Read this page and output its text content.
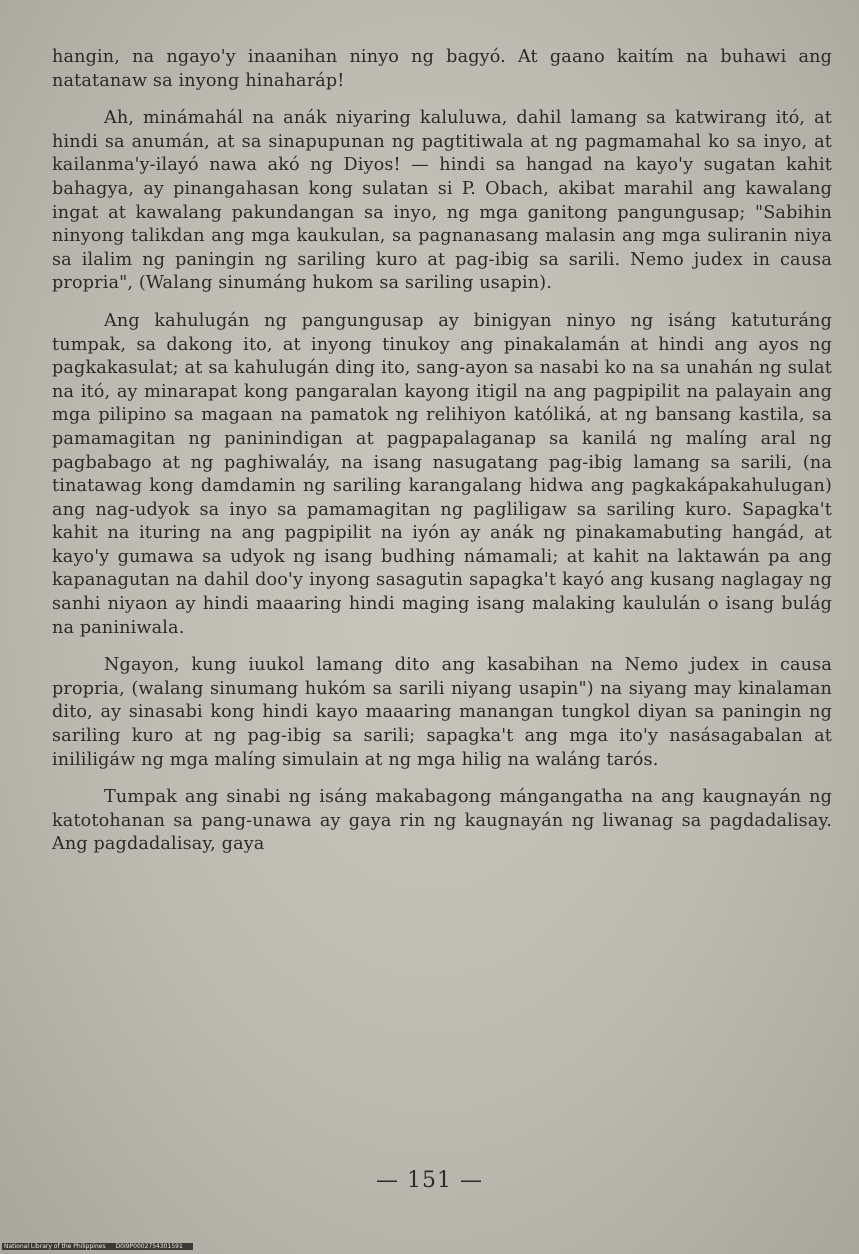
hangin, na ngayo'y inaanihan ninyo ng bagyó. At gaano kaitím na buhawi ang natatanaw sa inyong hinaharáp!

Ah, minámahál na anák niyaring kaluluwa, dahil lamang sa katwirang itó, at hindi sa anumán, at sa sinapupunan ng pagtitiwala at ng pagmamahal ko sa inyo, at kailanma'y-ilayó nawa akó ng Diyos! — hindi sa hangad na kayo'y sugatan kahit bahagya, ay pinangahasan kong sulatan si P. Obach, akibat marahil ang kawalang ingat at kawalang pakundangan sa inyo, ng mga ganitong pangungusap; "Sabihin ninyong talikdan ang mga kaukulan, sa pagnanasang malasin ang mga suliranin niya sa ilalim ng paningin ng sariling kuro at pag-ibig sa sarili. Nemo judex in causa propria", (Walang sinumáng hukom sa sariling usapin).

Ang kahulugán ng pangungusap ay binigyan ninyo ng isáng katuturáng tumpak, sa dakong ito, at inyong tinukoy ang pinakalamán at hindi ang ayos ng pagkakasulat; at sa kahulugán ding ito, sang-ayon sa nasabi ko na sa unahán ng sulat na itó, ay minarapat kong pangaralan kayong itigil na ang pagpipilit na palayain ang mga pilipino sa magaan na pamatok ng relihiyon katóliká, at ng bansang kastila, sa pamamagitan ng paninindigan at pagpapalaganap sa kanilá ng malíng aral ng pagbabago at ng paghiwaláy, na isang nasugatang pag-ibig lamang sa sarili, (na tinatawag kong damdamin ng sariling karangalang hidwa ang pagkakápakahulugan) ang nag-udyok sa inyo sa pamamagitan ng pagliligaw sa sariling kuro. Sapagka't kahit na ituring na ang pagpipilit na iyón ay anák ng pinakamabuting hangád, at kayo'y gumawa sa udyok ng isang budhing námamali; at kahit na laktawán pa ang kapanagutan na dahil doo'y inyong sasagutin sapagka't kayó ang kusang naglagay ng sanhi niyaon ay hindi maaaring hindi maging isang malaking kaululán o isang bulág na paniniwala.

Ngayon, kung iuukol lamang dito ang kasabihan na Nemo judex in causa propria, (walang sinumang hukóm sa sarili niyang usapin") na siyang may kinalaman dito, ay sinasabi kong hindi kayo maaaring manangan tungkol diyan sa paningin ng sariling kuro at ng pag-ibig sa sarili; sapagka't ang mga ito'y nasásagabalan at inililigáw ng mga malíng simulain at ng mga hilig na waláng tarós.

Tumpak ang sinabi ng isáng makabagong mángangatha na ang kaugnayán ng katotohanan sa pang-unawa ay gaya rin ng kaugnayán ng liwanag sa pagdadalisay. Ang pagdadalisay, gaya

— 151 —
National Library of the Philippines D0I9P0002754301591
